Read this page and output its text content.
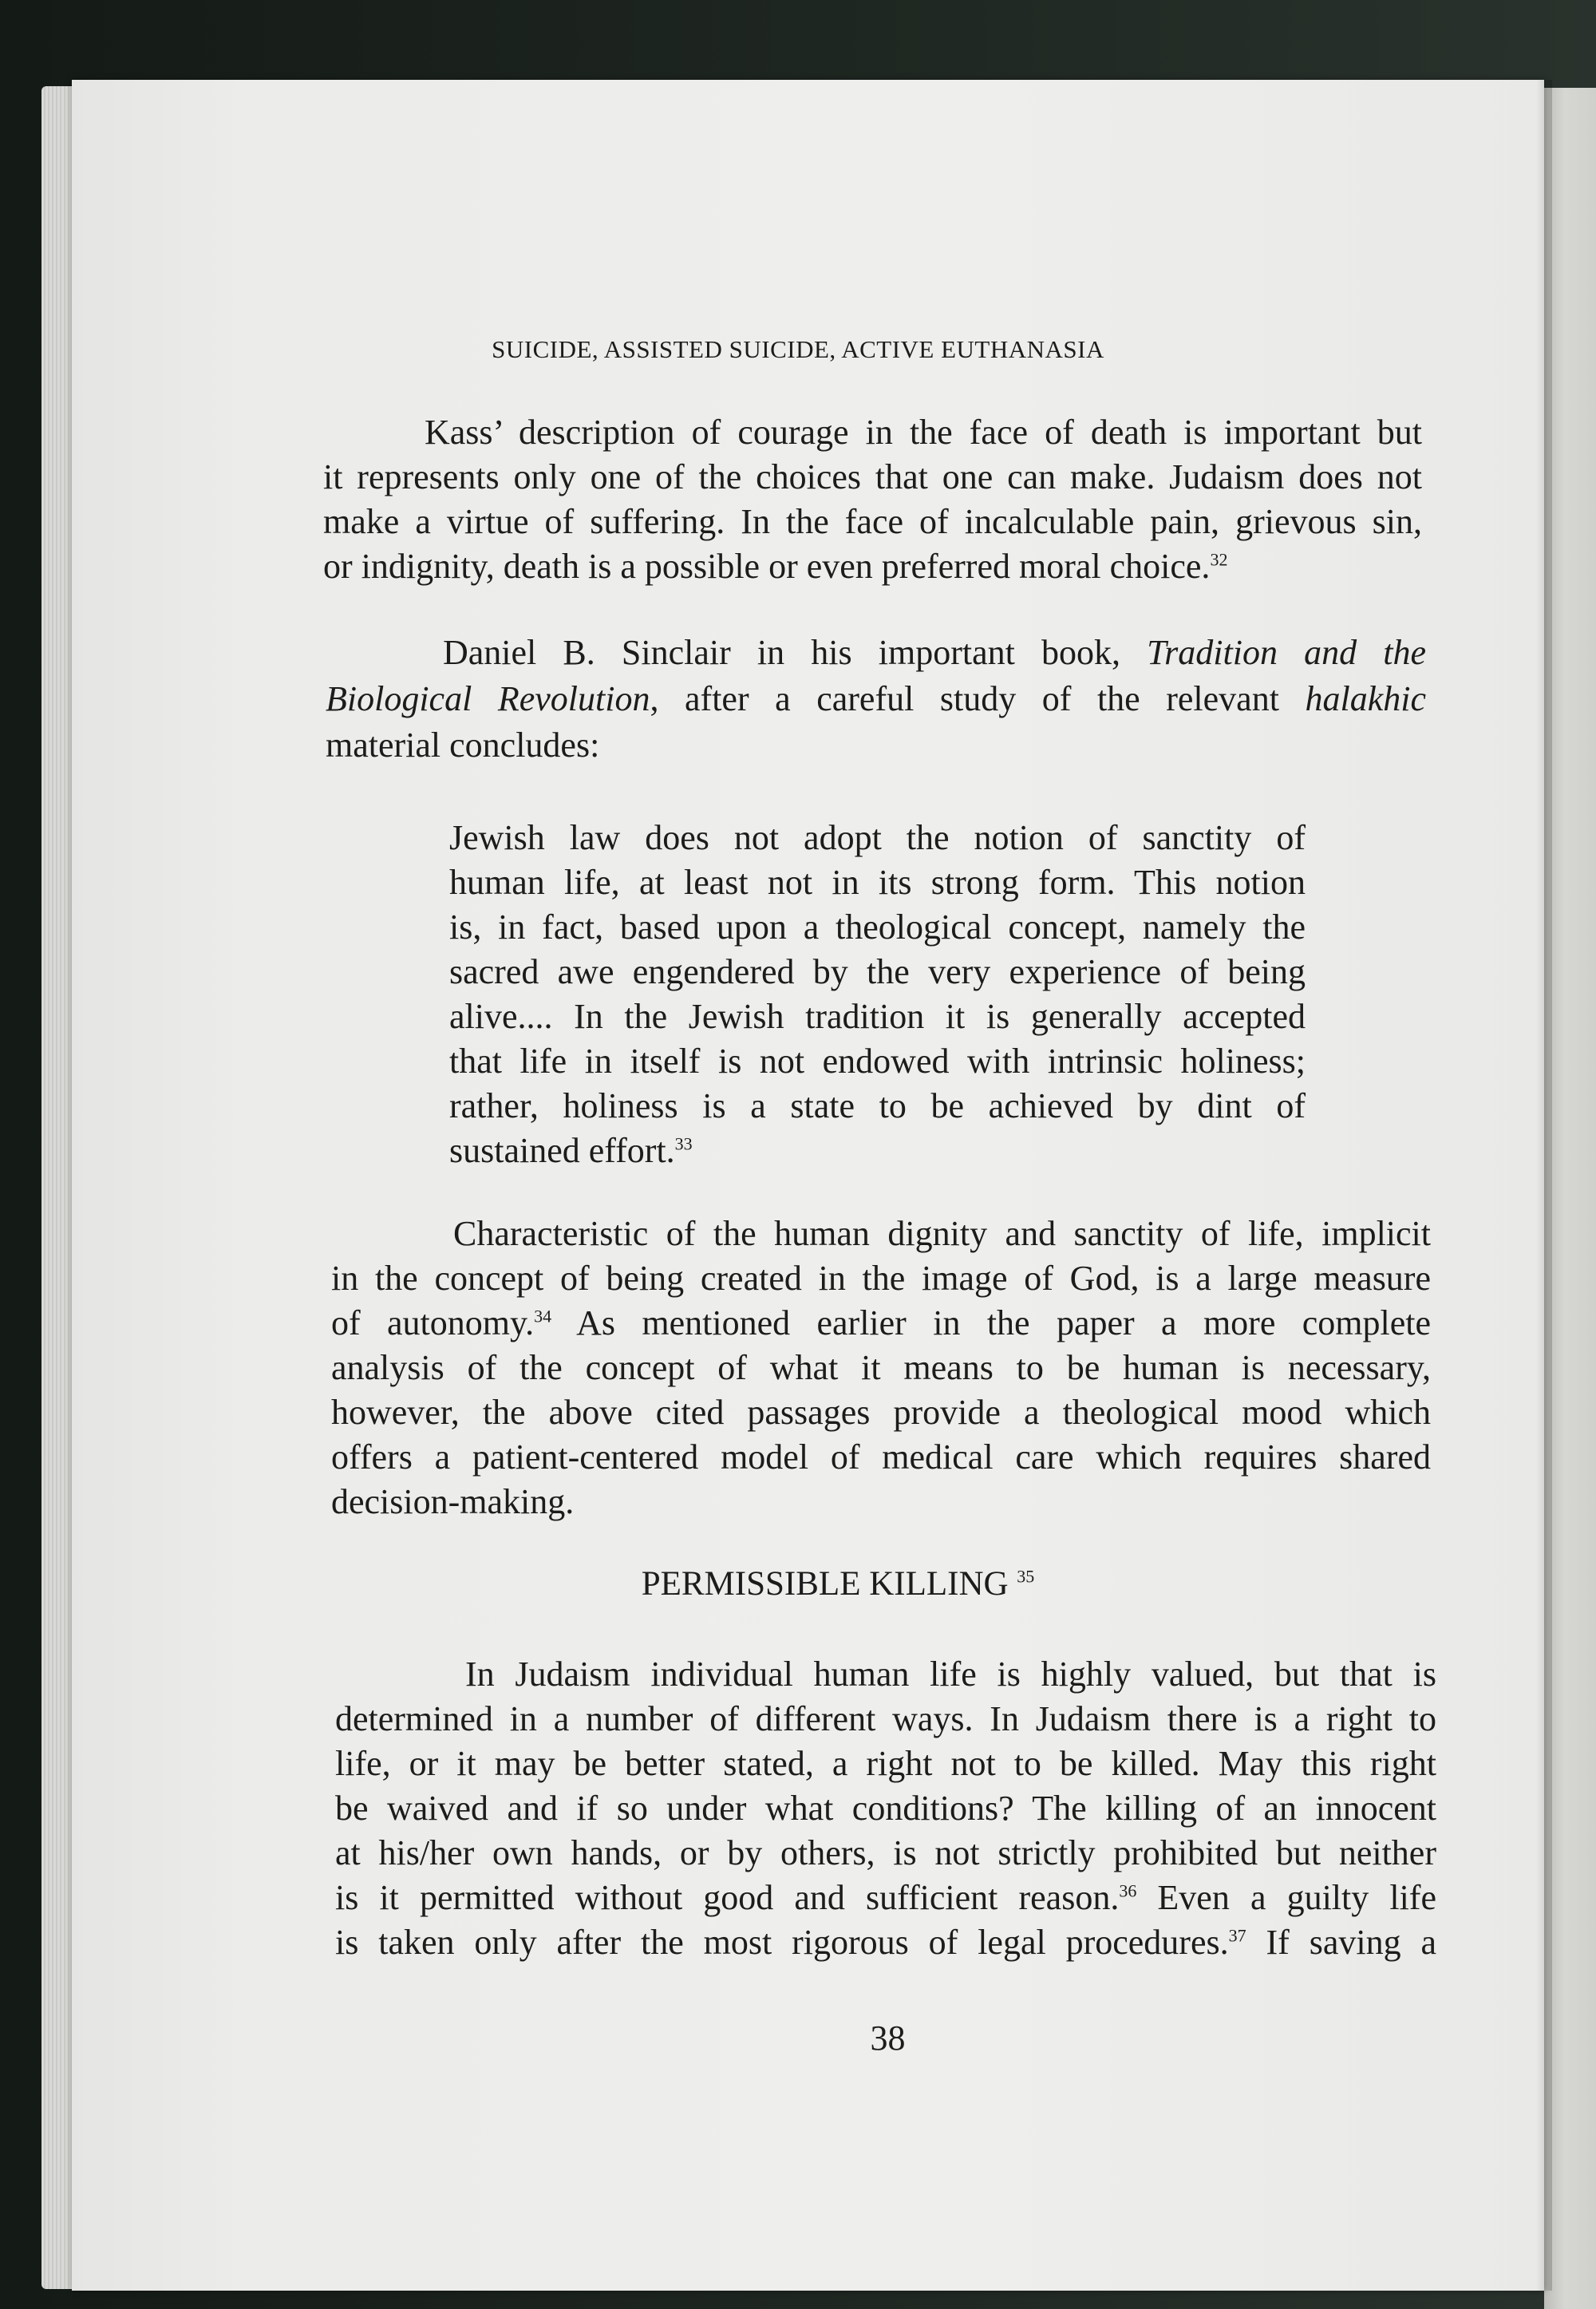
SUICIDE, ASSISTED SUICIDE, ACTIVE EUTHANASIA
Kass’ description of courage in the face of death is important but
it represents only one of the choices that one can make. Judaism does not
make a virtue of suffering. In the face of incalculable pain, grievous sin,
or indignity, death is a possible or even preferred moral choice.$^{32}$
Daniel B. Sinclair in his important book, Tradition and the
Biological Revolution, after a careful study of the relevant halakhic
material concludes:
Jewish law does not adopt the notion of sanctity of
human life, at least not in its strong form. This notion
is, in fact, based upon a theological concept, namely the
sacred awe engendered by the very experience of being
alive.... In the Jewish tradition it is generally accepted
that life in itself is not endowed with intrinsic holiness;
rather, holiness is a state to be achieved by dint of
sustained effort.$^{33}$
Characteristic of the human dignity and sanctity of life, implicit
in the concept of being created in the image of God, is a large measure
of autonomy.$^{34}$ As mentioned earlier in the paper a more complete
analysis of the concept of what it means to be human is necessary,
however, the above cited passages provide a theological mood which
offers a patient-centered model of medical care which requires shared
decision-making.
PERMISSIBLE KILLING $^{35}$
In Judaism individual human life is highly valued, but that is
determined in a number of different ways. In Judaism there is a right to
life, or it may be better stated, a right not to be killed. May this right
be waived and if so under what conditions? The killing of an innocent
at his/her own hands, or by others, is not strictly prohibited but neither
is it permitted without good and sufficient reason.$^{36}$ Even a guilty life
is taken only after the most rigorous of legal procedures.$^{37}$ If saving a
38
